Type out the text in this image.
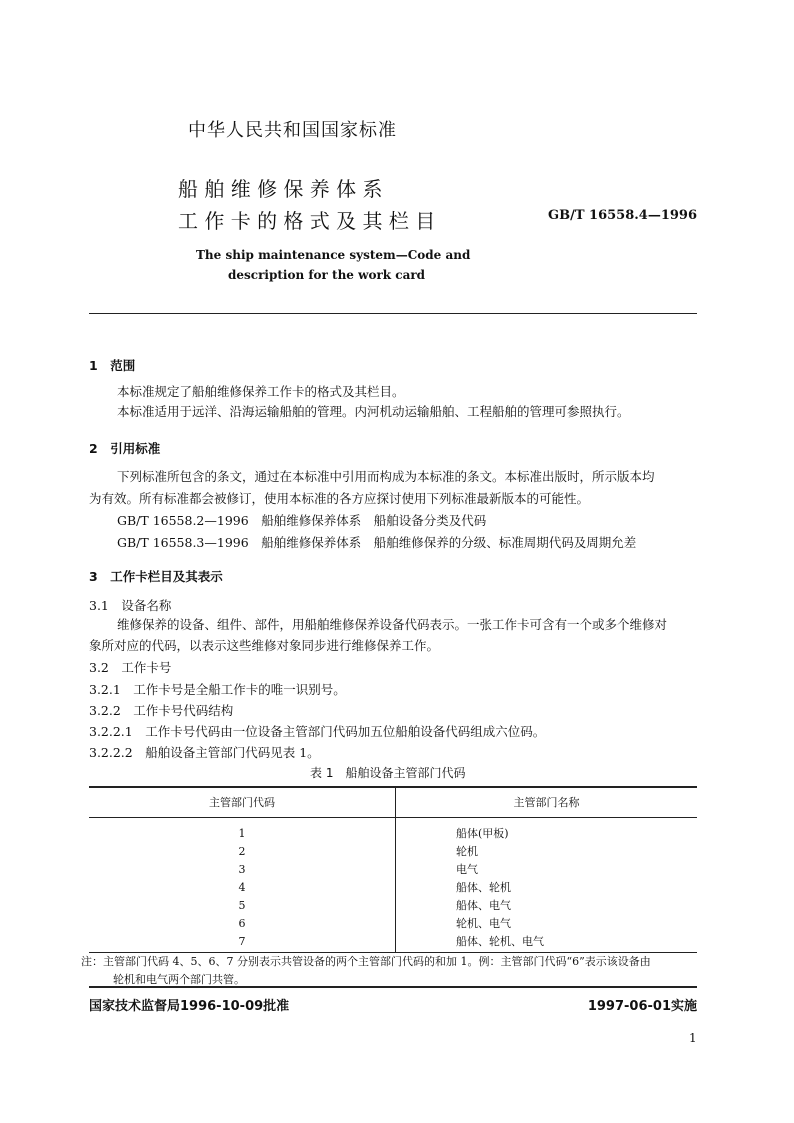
中华人民共和国国家标准
船 舶 维 修 保 养 体 系
工 作 卡 的 格 式 及 其 栏 目	GB/T 16558.4—1996
The ship maintenance system—Code and
description for the work card
1　范围
本标准规定了船舶维修保养工作卡的格式及其栏目。
本标准适用于远洋、沿海运输船舶的管理。内河机动运输船舶、工程船舶的管理可参照执行。
2　引用标准
下列标准所包含的条文，通过在本标准中引用而构成为本标准的条文。本标准出版时，所示版本均
为有效。所有标准都会被修订，使用本标准的各方应探讨使用下列标准最新版本的可能性。
GB/T 16558.2—1996　船舶维修保养体系　船舶设备分类及代码
GB/T 16558.3—1996　船舶维修保养体系　船舶维修保养的分级、标准周期代码及周期允差
3　工作卡栏目及其表示
3.1　设备名称
维修保养的设备、组件、部件，用船舶维修保养设备代码表示。一张工作卡可含有一个或多个维修对
象所对应的代码，以表示这些维修对象同步进行维修保养工作。
3.2　工作卡号
3.2.1　工作卡号是全船工作卡的唯一识别号。
3.2.2　工作卡号代码结构
3.2.2.1　工作卡号代码由一位设备主管部门代码加五位船舶设备代码组成六位码。
3.2.2.2　船舶设备主管部门代码见表 1。
表 1　船舶设备主管部门代码
主管部门代码	主管部门名称
1	船体(甲板)
2	轮机
3	电气
4	船体、轮机
5	船体、电气
6	轮机、电气
7	船体、轮机、电气

注：主管部门代码 4、5、6、7 分别表示共管设备的两个主管部门代码的和加 1。例：主管部门代码“6”表示该设备由
轮机和电气两个部门共管。	
国家技术监督局1996-10-09批准	1997-06-01实施
1
